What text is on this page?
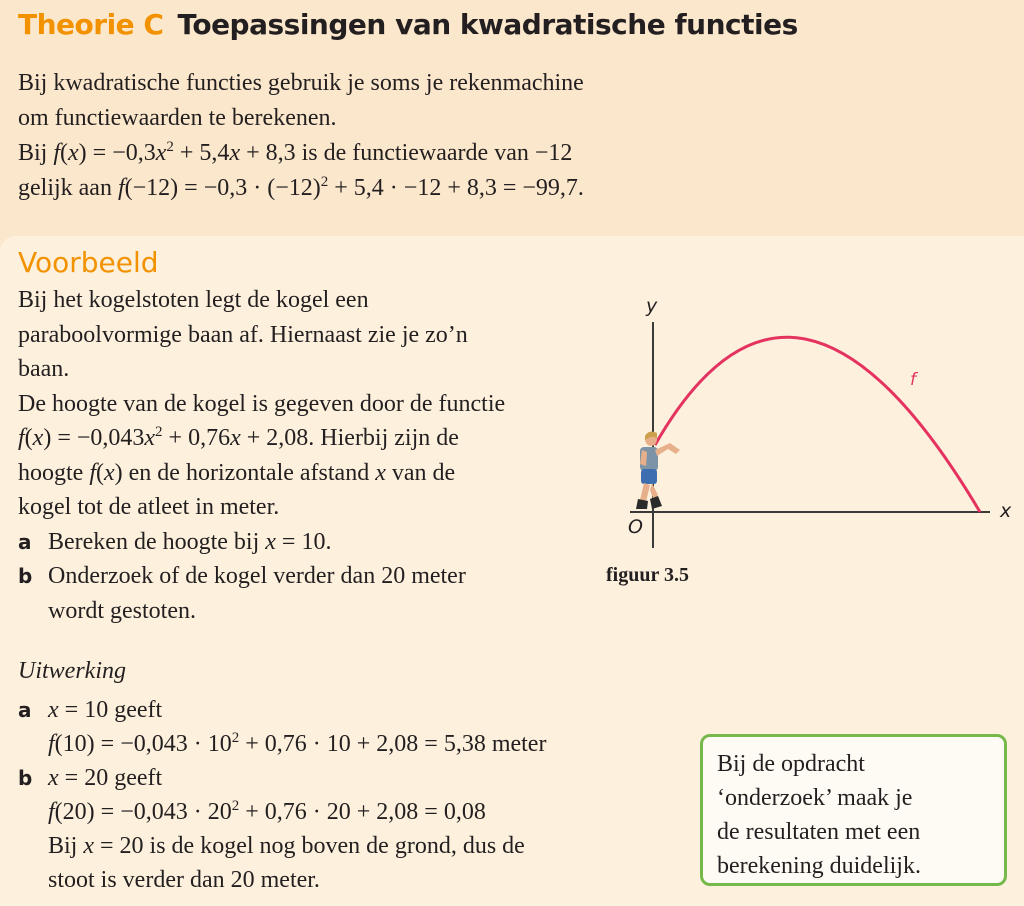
Theorie C Toepassingen van kwadratische functies

Bij kwadratische functies gebruik je soms je rekenmachine

om functiewaarden te berekenen.

Bij $f(x) = -0,3x^2 + 5,4x + 8,3$ is de functiewaarde van −12

gelijk aan $f(-12) = -0,3 \cdot (-12)^2 + 5,4 \cdot -12 + 8,3 = -99,7$.

Voorbeeld

Bij het kogelstoten legt de kogel een

paraboolvormige baan af. Hiernaast zie je zo’n

baan.

De hoogte van de kogel is gegeven door de functie

$f(x) = -0,043x^2 + 0,76x + 2,08$. Hierbij zijn de

hoogte f(x) en de horizontale afstand x van de

kogel tot de atleet in meter.

a Bereken de hoogte bij x = 10.

b Onderzoek of de kogel verder dan 20 meter

wordt gestoten.

y
x
O
f
figuur 3.5
Uitwerking

a x = 10 geeft

$f(10) = -0,043 \cdot 10^2 + 0,76 \cdot 10 + 2,08 = 5,38$ meter

b x = 20 geeft

$f(20) = -0,043 \cdot 20^2 + 0,76 \cdot 20 + 2,08 = 0,08$

Bij x = 20 is de kogel nog boven de grond, dus de

stoot is verder dan 20 meter.

Bij de opdracht

‘onderzoek’ maak je

de resultaten met een

berekening duidelijk.
